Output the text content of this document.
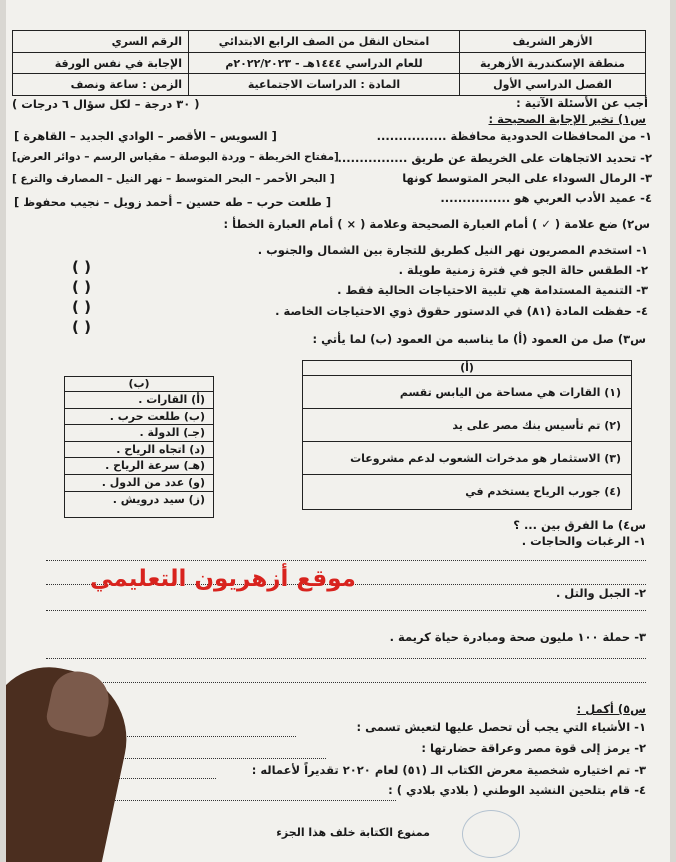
الأزهر الشريف
منطقة الإسكندرية الأزهرية
الفصل الدراسي الأول
امتحان النقل من الصف الرابع الابتدائي
للعام الدراسي ١٤٤٤هـ - ٢٠٢٢/٢٠٢٣م
المادة : الدراسات الاجتماعية
الرقم السري
الإجابة في نفس الورقة
الزمن : ساعة ونصف
أجب عن الأسئلة الآتية :
( ٣٠ درجة – لكل سؤال ٦ درجات )
س١) تخير الإجابة الصحيحة :
١- من المحافظات الحدودية محافظة ................
[ السويس – الأقصر – الوادي الجديد – القاهرة ]
٢- تحديد الاتجاهات على الخريطة عن طريق ................
[مفتاح الخريطة – وردة البوصلة – مقياس الرسم – دوائر العرض]
٣- الرمال السوداء على البحر المتوسط كونها
[ البحر الأحمر – البحر المتوسط – نهر النيل – المصارف والترع ]
٤- عميد الأدب العربي هو ................
[ طلعت حرب – طه حسين – أحمد زويل – نجيب محفوظ ]
س٢) ضع علامة ( ✓ ) أمام العبارة الصحيحة وعلامة ( × ) أمام العبارة الخطأ :
١- استخدم المصريون نهر النيل كطريق للتجارة بين الشمال والجنوب .
٢- الطقس حالة الجو في فترة زمنية طويلة .
٣- التنمية المستدامة هي تلبية الاحتياجات الحالية فقط .
٤- حفظت المادة (٨١) في الدستور حقوق ذوي الاحتياجات الخاصة .
( )
( )
( )
( )
س٣) صل من العمود (أ) ما يناسبه من العمود (ب) لما يأتي :
(أ)
(١) القارات هي مساحة من اليابس تقسم
(٢) تم تأسيس بنك مصر على يد
(٣) الاستثمار هو مدخرات الشعوب لدعم مشروعات
(٤) جورب الرياح يستخدم في
(ب)
(أ) القارات .
(ب) طلعت حرب .
(جـ) الدولة .
(د) اتجاه الرياح .
(هـ) سرعة الرياح .
(و) عدد من الدول .
(ز) سيد درويش .
س٤) ما الفرق بين ... ؟
١- الرغبات والحاجات .
٢- الجبل والتل .
٣- حملة ١٠٠ مليون صحة ومبادرة حياة كريمة .
موقع أزهريون التعليمي
س٥) أكمل :
١- الأشياء التي يجب أن تحصل عليها لتعيش تسمى :
٢- يرمز إلى قوة مصر وعراقة حضارتها :
٣- تم اختياره شخصية معرض الكتاب الـ (٥١) لعام ٢٠٢٠ تقديراً لأعماله :
٤- قام بتلحين النشيد الوطني ( بلادي بلادي ) :
ممنوع الكتابة خلف هذا الجزء
